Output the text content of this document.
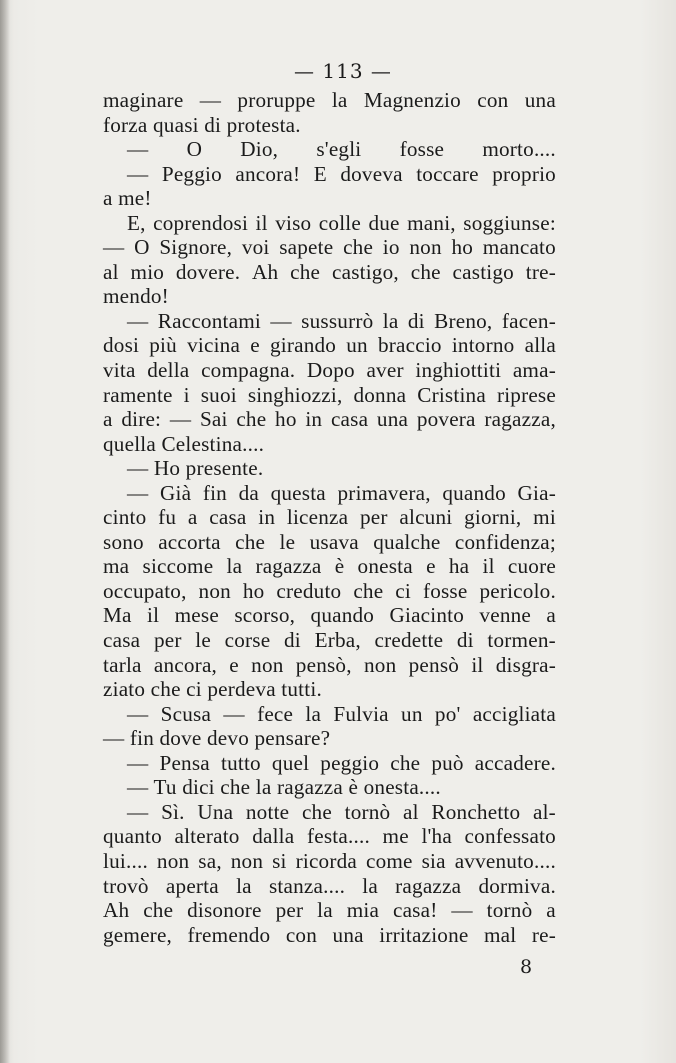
— 113 —
maginare — proruppe la Magnenzio con una
forza quasi di protesta.
— O Dio, s'egli fosse morto....
— Peggio ancora! E doveva toccare proprio
a me!
E, coprendosi il viso colle due mani, soggiunse:
— O Signore, voi sapete che io non ho mancato
al mio dovere. Ah che castigo, che castigo tre-
mendo!
— Raccontami — sussurrò la di Breno, facen-
dosi più vicina e girando un braccio intorno alla
vita della compagna. Dopo aver inghiottiti ama-
ramente i suoi singhiozzi, donna Cristina riprese
a dire: — Sai che ho in casa una povera ragazza,
quella Celestina....
— Ho presente.
— Già fin da questa primavera, quando Gia-
cinto fu a casa in licenza per alcuni giorni, mi
sono accorta che le usava qualche confidenza;
ma siccome la ragazza è onesta e ha il cuore
occupato, non ho creduto che ci fosse pericolo.
Ma il mese scorso, quando Giacinto venne a
casa per le corse di Erba, credette di tormen-
tarla ancora, e non pensò, non pensò il disgra-
ziato che ci perdeva tutti.
— Scusa — fece la Fulvia un po' accigliata
— fin dove devo pensare?
— Pensa tutto quel peggio che può accadere.
— Tu dici che la ragazza è onesta....
— Sì. Una notte che tornò al Ronchetto al-
quanto alterato dalla festa.... me l'ha confessato
lui.... non sa, non si ricorda come sia avvenuto....
trovò aperta la stanza.... la ragazza dormiva.
Ah che disonore per la mia casa! — tornò a
gemere, fremendo con una irritazione mal re-
8
